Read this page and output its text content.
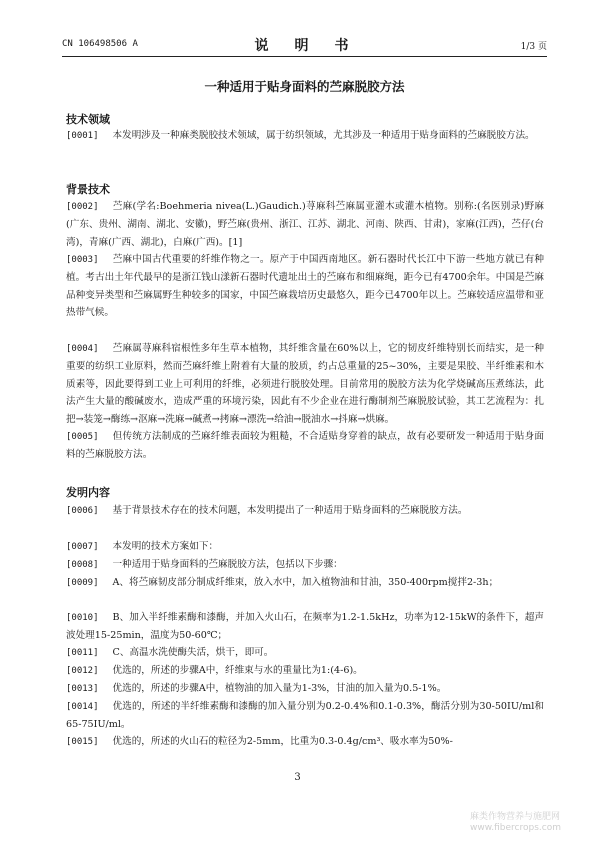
CN 106498506 A	说　明　书	1/3 页
一种适用于贴身面料的苎麻脱胶方法
技术领域
[0001] 本发明涉及一种麻类脱胶技术领域，属于纺织领域，尤其涉及一种适用于贴身面料的苎麻脱胶方法。
背景技术
[0002] 苎麻(学名:Boehmeria nivea(L.)Gaudich.)荨麻科苎麻属亚灌木或灌木植物。别称:(名医别录)野麻(广东、贵州、湖南、湖北、安徽)，野苎麻(贵州、浙江、江苏、湖北、河南、陕西、甘肃)，家麻(江西)，苎仔(台湾)，青麻(广西、湖北)，白麻(广西)。[1]
[0003] 苎麻中国古代重要的纤维作物之一。原产于中国西南地区。新石器时代长江中下游一些地方就已有种植。考古出土年代最早的是浙江钱山漾新石器时代遗址出土的苎麻布和细麻绳，距今已有4700余年。中国是苎麻品种变异类型和苎麻属野生种较多的国家，中国苎麻栽培历史最悠久，距今已4700年以上。苎麻较适应温带和亚热带气候。
[0004] 苎麻属荨麻科宿根性多年生草本植物，其纤维含量在60%以上，它的韧皮纤维特别长而结实，是一种重要的纺织工业原料，然而苎麻纤维上附着有大量的胶质，约占总重量的25~30%，主要是果胶、半纤维素和木质素等，因此要得到工业上可利用的纤维，必须进行脱胶处理。目前常用的脱胶方法为化学烧碱高压煮练法，此法产生大量的酸碱废水，造成严重的环境污染，因此有不少企业在进行酶制剂苎麻脱胶试验，其工艺流程为：扎把→装笼→酶练→沤麻→洗麻→碱煮→拷麻→漂洗→给油→脱油水→抖麻→烘麻。
[0005] 但传统方法制成的苎麻纤维表面较为粗糙，不合适贴身穿着的缺点，故有必要研发一种适用于贴身面料的苎麻脱胶方法。
发明内容
[0006] 基于背景技术存在的技术问题，本发明提出了一种适用于贴身面料的苎麻脱胶方法。
[0007] 本发明的技术方案如下：
[0008] 一种适用于贴身面料的苎麻脱胶方法，包括以下步骤：
[0009] A、将苎麻韧皮部分制成纤维束，放入水中，加入植物油和甘油，350-400rpm搅拌2-3h；
[0010] B、加入半纤维素酶和漆酶，并加入火山石，在频率为1.2-1.5kHz，功率为12-15kW的条件下，超声波处理15-25min，温度为50-60℃；
[0011] C、高温水洗使酶失活，烘干，即可。
[0012] 优选的，所述的步骤A中，纤维束与水的重量比为1:(4-6)。
[0013] 优选的，所述的步骤A中，植物油的加入量为1-3%，甘油的加入量为0.5-1%。
[0014] 优选的，所述的半纤维素酶和漆酶的加入量分别为0.2-0.4%和0.1-0.3%，酶活分别为30-50IU/ml和65-75IU/ml。
[0015] 优选的，所述的火山石的粒径为2-5mm，比重为0.3-0.4g/cm³、吸水率为50%-
3
麻类作物营养与施肥网
www.fibercrops.com
